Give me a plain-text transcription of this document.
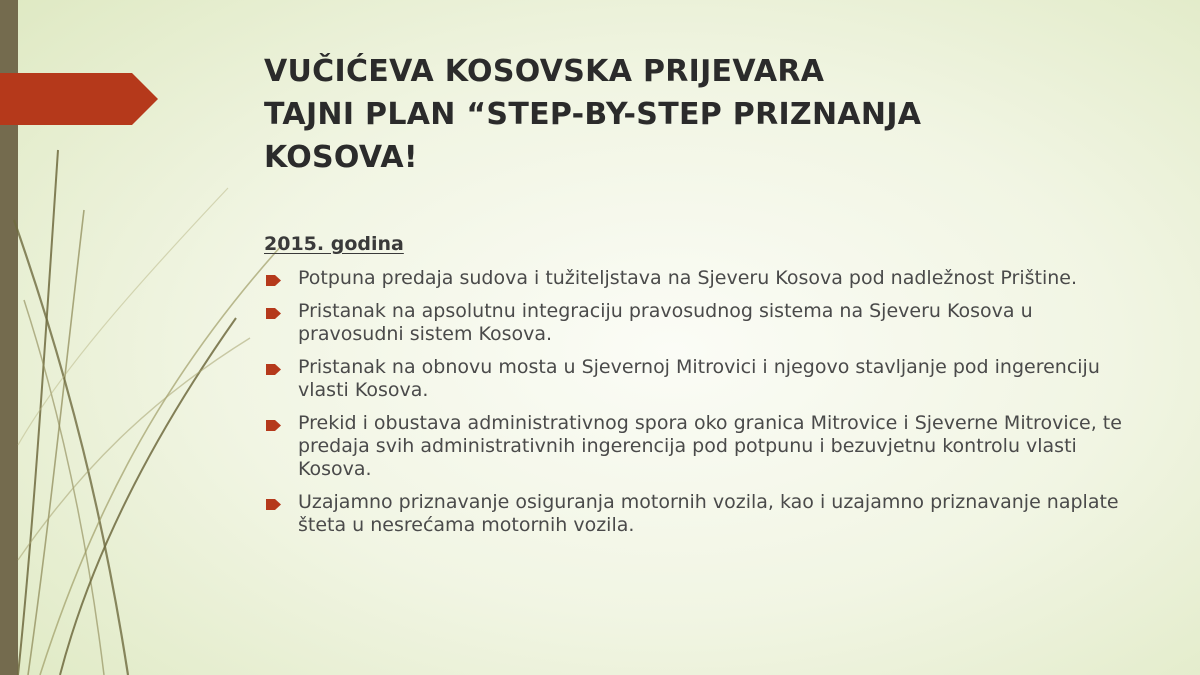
VUČIĆEVA KOSOVSKA PRIJEVARA
TAJNI PLAN “STEP-BY-STEP PRIZNANJA
KOSOVA!
2015. godina
Potpuna predaja sudova i tužiteljstava na Sjeveru Kosova pod nadležnost Prištine.
Pristanak na apsolutnu integraciju pravosudnog sistema na Sjeveru Kosova u pravosudni sistem Kosova.
Pristanak na obnovu mosta u Sjevernoj Mitrovici i njegovo stavljanje pod ingerenciju vlasti Kosova.
Prekid i obustava administrativnog spora oko granica Mitrovice i Sjeverne Mitrovice, te predaja svih administrativnih ingerencija pod potpunu i bezuvjetnu kontrolu vlasti Kosova.
Uzajamno priznavanje osiguranja motornih vozila, kao i uzajamno priznavanje naplate šteta u nesrećama motornih vozila.
